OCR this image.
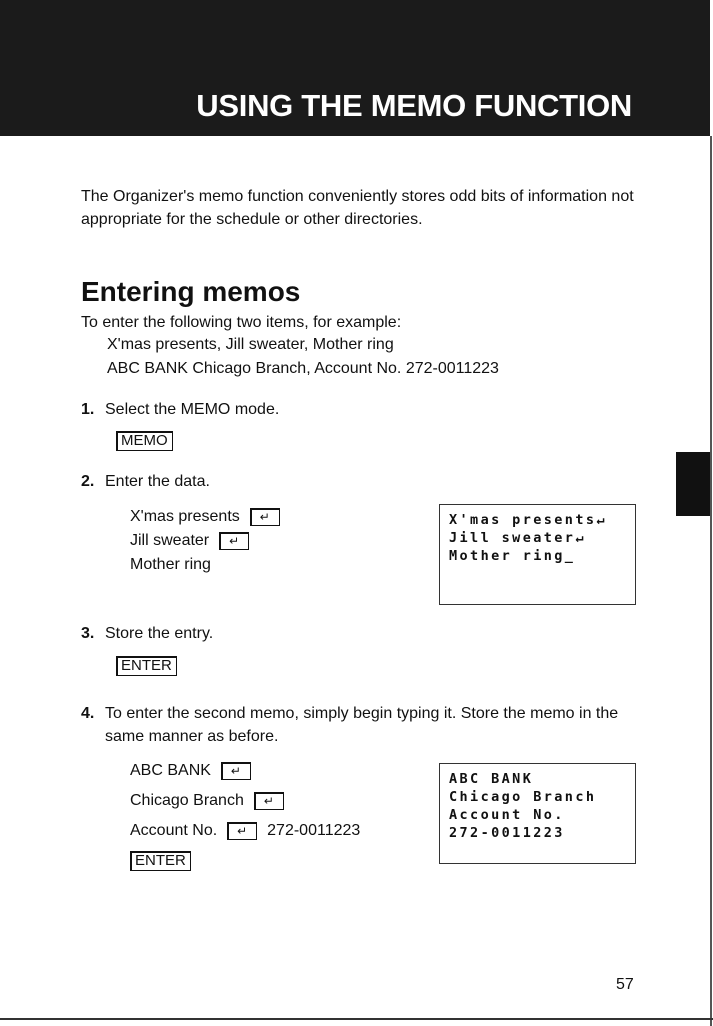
USING THE MEMO FUNCTION
The Organizer's memo function conveniently stores odd bits of information not appropriate for the schedule or other directories.
Entering memos
To enter the following two items, for example:
X'mas presents, Jill sweater, Mother ring
ABC BANK Chicago Branch, Account No. 272-0011223
1. Select the MEMO mode.
MEMO
2. Enter the data.
X'mas presents	↵
Jill sweater	↵
Mother ring
X'mas presents↵
Jill sweater↵
Mother ring_
3. Store the entry.
ENTER
4. To enter the second memo, simply begin typing it. Store the memo in the same manner as before.
ABC BANK	↵
Chicago Branch	↵
Account No.	↵	272-0011223
ENTER
ABC BANK
Chicago Branch
Account No.
272-0011223
57
